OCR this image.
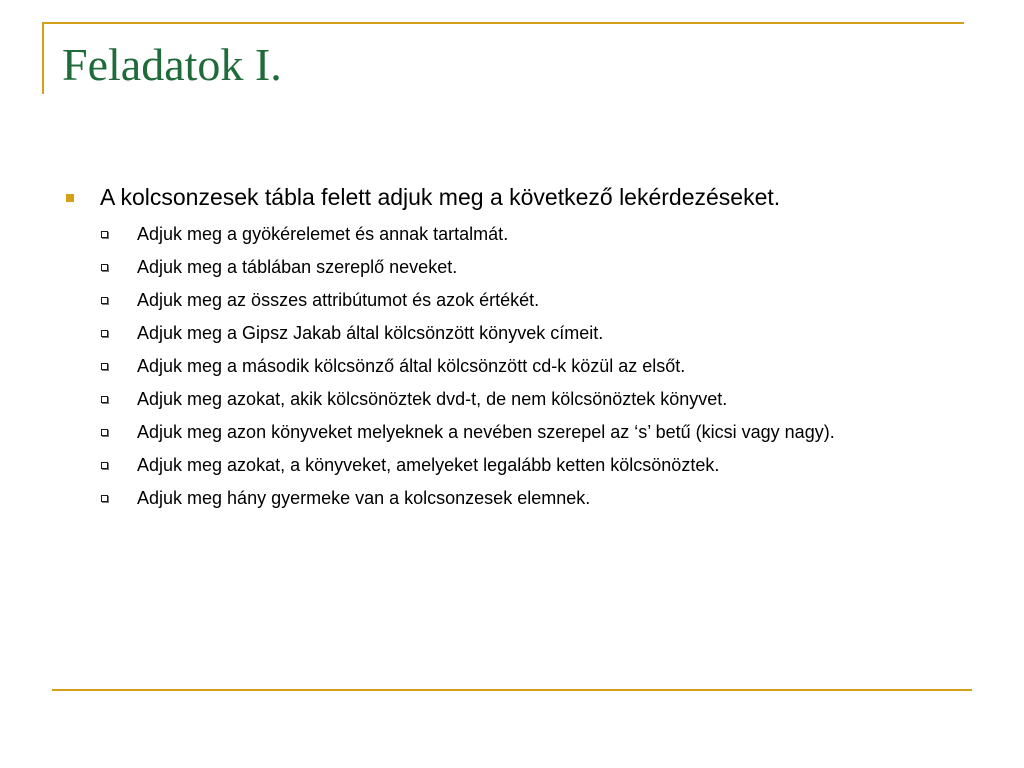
Feladatok I.
A kolcsonzesek tábla felett adjuk meg a következő lekérdezéseket.
Adjuk meg a gyökérelemet és annak tartalmát.
Adjuk meg a táblában szereplő neveket.
Adjuk meg az összes attribútumot és azok értékét.
Adjuk meg a Gipsz Jakab által kölcsönzött könyvek címeit.
Adjuk meg a második kölcsönző által kölcsönzött cd-k közül az elsőt.
Adjuk meg azokat, akik kölcsönöztek dvd-t, de nem kölcsönöztek könyvet.
Adjuk meg azon könyveket melyeknek a nevében szerepel az ‘s’ betű (kicsi vagy nagy).
Adjuk meg azokat, a könyveket, amelyeket legalább ketten kölcsönöztek.
Adjuk meg hány gyermeke van a kolcsonzesek elemnek.
